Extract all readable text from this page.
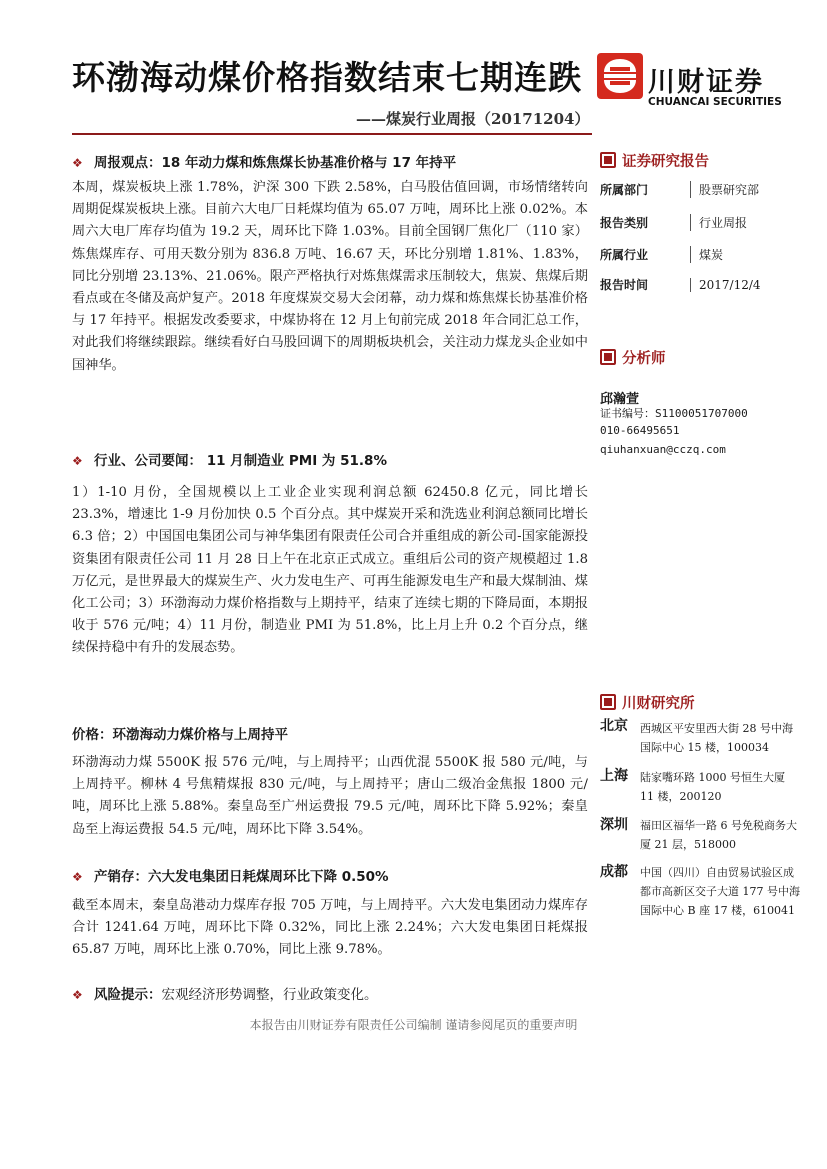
环渤海动煤价格指数结束七期连跌
——煤炭行业周报（20171204）
川财证券
CHUANCAI SECURITIES
❖ 周报观点：18 年动力煤和炼焦煤长协基准价格与 17 年持平
本周，煤炭板块上涨 1.78%，沪深 300 下跌 2.58%，白马股估值回调，市场情绪转向周期促煤炭板块上涨。目前六大电厂日耗煤均值为 65.07 万吨，周环比上涨 0.02%。本周六大电厂库存均值为 19.2 天，周环比下降 1.03%。目前全国钢厂焦化厂（110 家）炼焦煤库存、可用天数分别为 836.8 万吨、16.67 天，环比分别增 1.81%、1.83%，同比分别增 23.13%、21.06%。限产严格执行对炼焦煤需求压制较大，焦炭、焦煤后期看点或在冬储及高炉复产。2018 年度煤炭交易大会闭幕，动力煤和炼焦煤长协基准价格与 17 年持平。根据发改委要求，中煤协将在 12 月上旬前完成 2018 年合同汇总工作，对此我们将继续跟踪。继续看好白马股回调下的周期板块机会，关注动力煤龙头企业如中国神华。
❖ 行业、公司要闻： 11 月制造业 PMI 为 51.8%
1）1-10 月份，全国规模以上工业企业实现利润总额 62450.8 亿元，同比增长 23.3%，增速比 1-9 月份加快 0.5 个百分点。其中煤炭开采和洗选业利润总额同比增长 6.3 倍；2）中国国电集团公司与神华集团有限责任公司合并重组成的新公司-国家能源投资集团有限责任公司 11 月 28 日上午在北京正式成立。重组后公司的资产规模超过 1.8 万亿元，是世界最大的煤炭生产、火力发电生产、可再生能源发电生产和最大煤制油、煤化工公司；3）环渤海动力煤价格指数与上期持平，结束了连续七期的下降局面，本期报收于 576 元/吨；4）11 月份，制造业 PMI 为 51.8%，比上月上升 0.2 个百分点，继续保持稳中有升的发展态势。
价格：环渤海动力煤价格与上周持平
环渤海动力煤 5500K 报 576 元/吨，与上周持平；山西优混 5500K 报 580 元/吨，与上周持平。柳林 4 号焦精煤报 830 元/吨，与上周持平；唐山二级冶金焦报 1800 元/吨，周环比上涨 5.88%。秦皇岛至广州运费报 79.5 元/吨，周环比下降 5.92%；秦皇岛至上海运费报 54.5 元/吨，周环比下降 3.54%。
❖ 产销存：六大发电集团日耗煤周环比下降 0.50%
截至本周末，秦皇岛港动力煤库存报 705 万吨，与上周持平。六大发电集团动力煤库存合计 1241.64 万吨，周环比下降 0.32%，同比上涨 2.24%；六大发电集团日耗煤报 65.87 万吨，周环比上涨 0.70%，同比上涨 9.78%。
❖ 风险提示：宏观经济形势调整，行业政策变化。
证券研究报告
所属部门	股票研究部
报告类别	行业周报
所属行业	煤炭
报告时间	2017/12/4
分析师
邱瀚萱
证书编号：S1100051707000
010-66495651
qiuhanxuan@cczq.com
川财研究所
北京 西城区平安里西大街 28 号中海国际中心 15 楼，100034
上海 陆家嘴环路 1000 号恒生大厦 11 楼，200120
深圳 福田区福华一路 6 号免税商务大厦 21 层，518000
成都 中国（四川）自由贸易试验区成都市高新区交子大道 177 号中海国际中心 B 座 17 楼，610041
本报告由川财证券有限责任公司编制 谨请参阅尾页的重要声明
